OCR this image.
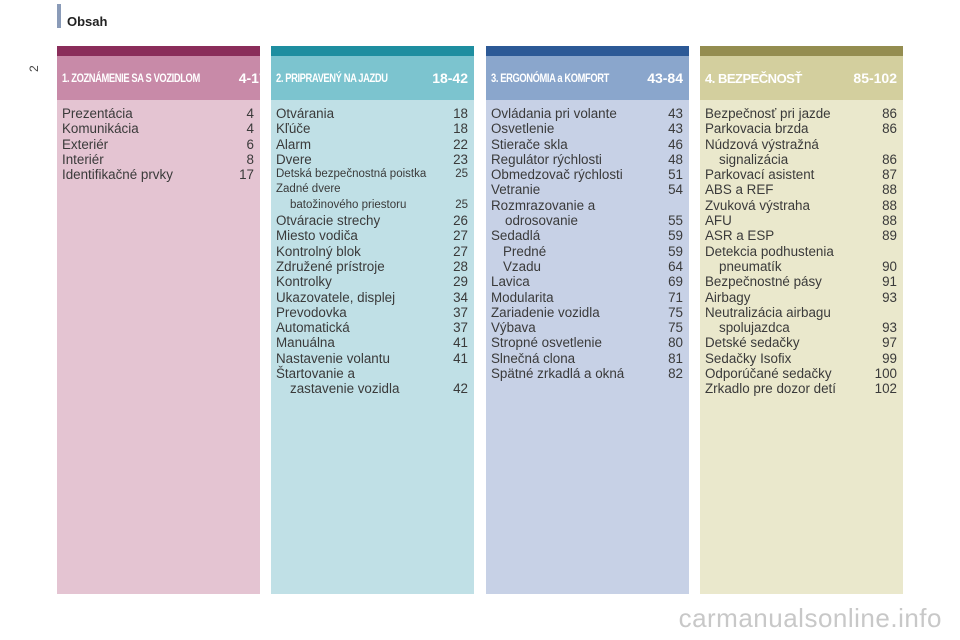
Obsah
2
1. ZOZNÁMENIE SA S VOZIDLOM	4-17
Prezentácia	4
Komunikácia	4
Exteriér	6
Interiér	8
Identifikačné prvky	17
2. PRIPRAVENÝ NA JAZDU	18-42
Otvárania	18
Kľúče	18
Alarm	22
Dvere	23
Detská bezpečnostná poistka	25
Zadné dvere
batožinového priestoru	25
Otváracie strechy	26
Miesto vodiča	27
Kontrolný blok	27
Združené prístroje	28
Kontrolky	29
Ukazovatele, displej	34
Prevodovka	37
Automatická	37
Manuálna	41
Nastavenie volantu	41
Štartovanie a
zastavenie vozidla	42
3. ERGONÓMIA a KOMFORT	43-84
Ovládania pri volante	43
Osvetlenie	43
Stierače skla	46
Regulátor rýchlosti	48
Obmedzovač rýchlosti	51
Vetranie	54
Rozmrazovanie a
odrosovanie	55
Sedadlá	59
Predné	59
Vzadu	64
Lavica	69
Modularita	71
Zariadenie vozidla	75
Výbava	75
Stropné osvetlenie	80
Slnečná clona	81
Spätné zrkadlá a okná	82
4. BEZPEČNOSŤ	85-102
Bezpečnosť pri jazde	86
Parkovacia brzda	86
Núdzová výstražná
signalizácia	86
Parkovací asistent	87
ABS a REF	88
Zvuková výstraha	88
AFU	88
ASR a ESP	89
Detekcia podhustenia
pneumatík	90
Bezpečnostné pásy	91
Airbagy	93
Neutralizácia airbagu
spolujazdca	93
Detské sedačky	97
Sedačky Isofix	99
Odporúčané sedačky	100
Zrkadlo pre dozor detí	102
carmanualsonline.info
